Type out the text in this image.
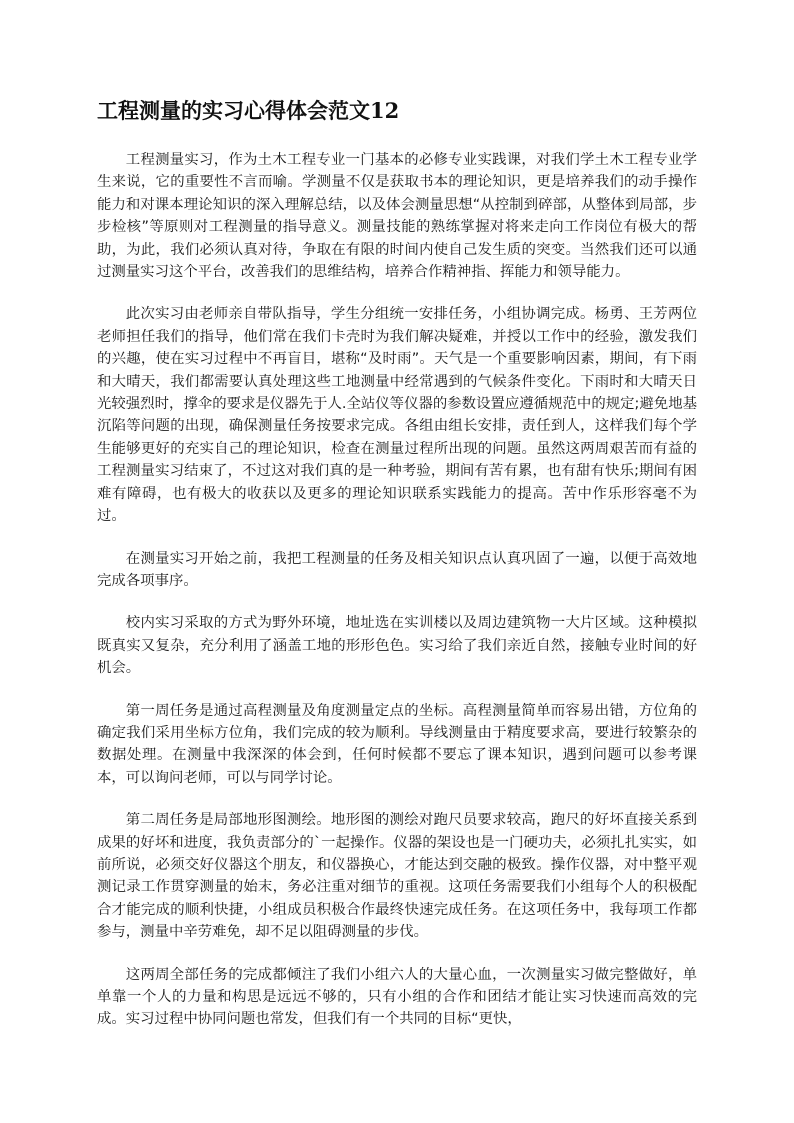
工程测量的实习心得体会范文12

工程测量实习，作为土木工程专业一门基本的必修专业实践课，对我们学土木工程专业学生来说，它的重要性不言而喻。学测量不仅是获取书本的理论知识，更是培养我们的动手操作能力和对课本理论知识的深入理解总结，以及体会测量思想“从控制到碎部，从整体到局部，步步检核”等原则对工程测量的指导意义。测量技能的熟练掌握对将来走向工作岗位有极大的帮助，为此，我们必须认真对待，争取在有限的时间内使自己发生质的突变。当然我们还可以通过测量实习这个平台，改善我们的思维结构，培养合作精神指、挥能力和领导能力。

此次实习由老师亲自带队指导，学生分组统一安排任务，小组协调完成。杨勇、王芳两位老师担任我们的指导，他们常在我们卡壳时为我们解决疑难，并授以工作中的经验，激发我们的兴趣，使在实习过程中不再盲目，堪称“及时雨”。天气是一个重要影响因素，期间，有下雨和大晴天，我们都需要认真处理这些工地测量中经常遇到的气候条件变化。下雨时和大晴天日光较强烈时，撑伞的要求是仪器先于人.全站仪等仪器的参数设置应遵循规范中的规定;避免地基沉陷等问题的出现，确保测量任务按要求完成。各组由组长安排，责任到人，这样我们每个学生能够更好的充实自己的理论知识，检查在测量过程所出现的问题。虽然这两周艰苦而有益的工程测量实习结束了，不过这对我们真的是一种考验，期间有苦有累，也有甜有快乐;期间有困难有障碍，也有极大的收获以及更多的理论知识联系实践能力的提高。苦中作乐形容毫不为过。

在测量实习开始之前，我把工程测量的任务及相关知识点认真巩固了一遍，以便于高效地完成各项事序。

校内实习采取的方式为野外环境，地址选在实训楼以及周边建筑物一大片区域。这种模拟既真实又复杂，充分利用了涵盖工地的形形色色。实习给了我们亲近自然，接触专业时间的好机会。

第一周任务是通过高程测量及角度测量定点的坐标。高程测量简单而容易出错，方位角的确定我们采用坐标方位角，我们完成的较为顺利。导线测量由于精度要求高，要进行较繁杂的数据处理。在测量中我深深的体会到，任何时候都不要忘了课本知识，遇到问题可以参考课本，可以询问老师，可以与同学讨论。

第二周任务是局部地形图测绘。地形图的测绘对跑尺员要求较高，跑尺的好坏直接关系到成果的好坏和进度，我负责部分的`一起操作。仪器的架设也是一门硬功夫，必须扎扎实实，如前所说，必须交好仪器这个朋友，和仪器换心，才能达到交融的极致。操作仪器，对中整平观测记录工作贯穿测量的始末，务必注重对细节的重视。这项任务需要我们小组每个人的积极配合才能完成的顺利快捷，小组成员积极合作最终快速完成任务。在这项任务中，我每项工作都参与，测量中辛劳难免，却不足以阻碍测量的步伐。

这两周全部任务的完成都倾注了我们小组六人的大量心血，一次测量实习做完整做好，单单靠一个人的力量和构思是远远不够的，只有小组的合作和团结才能让实习快速而高效的完成。实习过程中协同问题也常发，但我们有一个共同的目标“更快，
